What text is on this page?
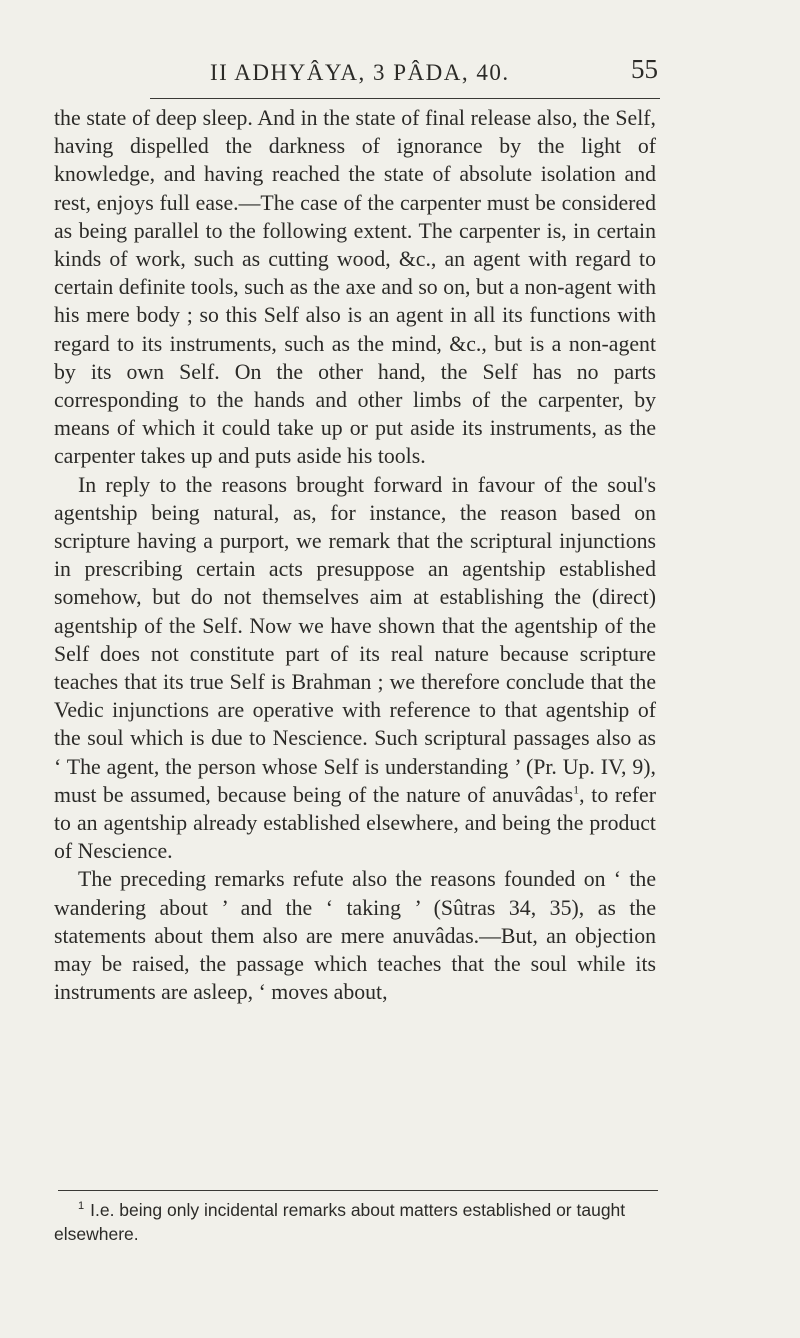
II ADHYÂYA, 3 PÂDA, 40.	55

the state of deep sleep. And in the state of final release also, the Self, having dispelled the darkness of ignorance by the light of knowledge, and having reached the state of absolute isolation and rest, enjoys full ease.—The case of the carpenter must be considered as being parallel to the following extent. The carpenter is, in certain kinds of work, such as cutting wood, &c., an agent with regard to certain definite tools, such as the axe and so on, but a non-agent with his mere body ; so this Self also is an agent in all its functions with regard to its instruments, such as the mind, &c., but is a non-agent by its own Self. On the other hand, the Self has no parts corresponding to the hands and other limbs of the carpenter, by means of which it could take up or put aside its instruments, as the carpenter takes up and puts aside his tools.

In reply to the reasons brought forward in favour of the soul's agentship being natural, as, for instance, the reason based on scripture having a purport, we remark that the scriptural injunctions in prescribing certain acts presuppose an agentship established somehow, but do not themselves aim at establishing the (direct) agentship of the Self. Now we have shown that the agentship of the Self does not constitute part of its real nature because scripture teaches that its true Self is Brahman ; we therefore conclude that the Vedic injunctions are operative with reference to that agentship of the soul which is due to Nescience. Such scriptural passages also as ‘ The agent, the person whose Self is understanding ’ (Pr. Up. IV, 9), must be assumed, because being of the nature of anuvâdas$^1$, to refer to an agentship already established elsewhere, and being the product of Nescience.

The preceding remarks refute also the reasons founded on ‘ the wandering about ’ and the ‘ taking ’ (Sûtras 34, 35), as the statements about them also are mere anuvâdas.—But, an objection may be raised, the passage which teaches that the soul while its instruments are asleep, ‘ moves about,

$^1$ I.e. being only incidental remarks about matters established or taught elsewhere.
